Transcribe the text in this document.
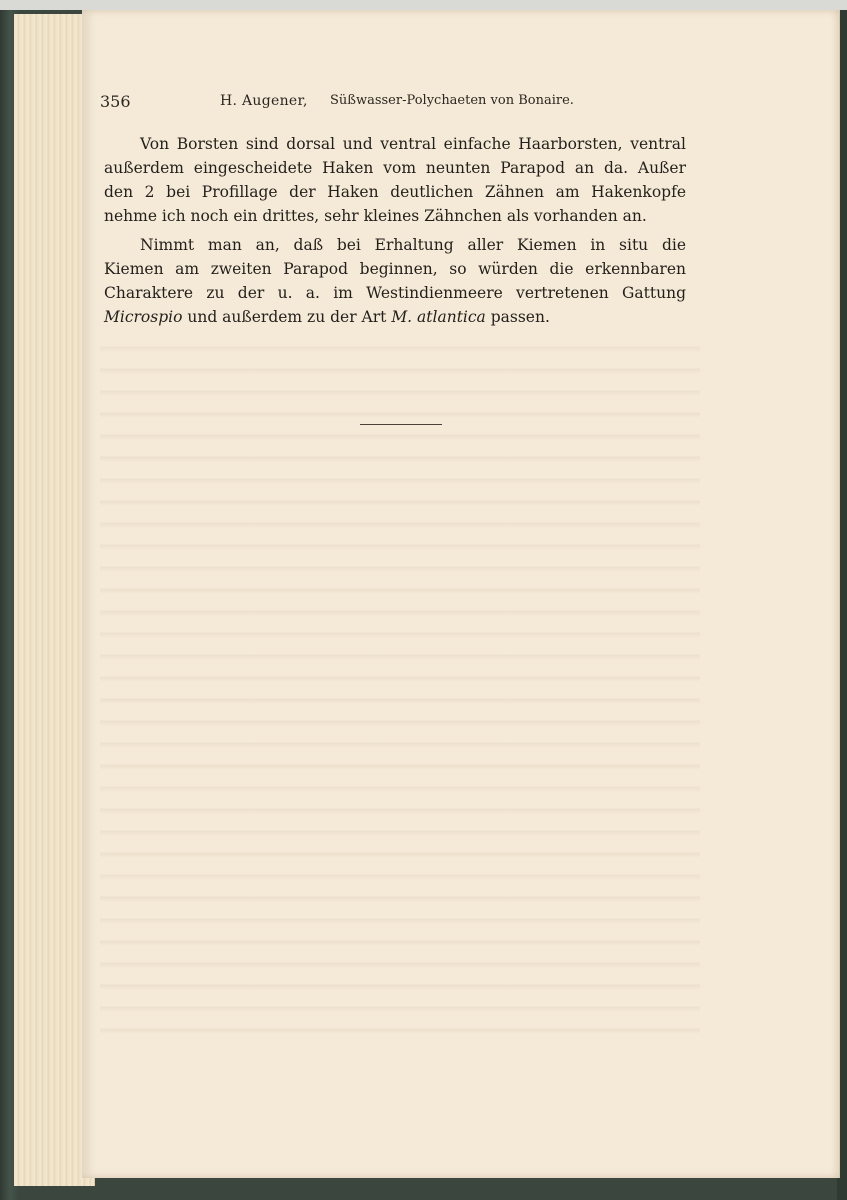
356	H. Augener, Süßwasser-Polychaeten von Bonaire.
Von Borsten sind dorsal und ventral einfache Haarborsten, ventral
außerdem eingescheidete Haken vom neunten Parapod an da. Außer
den 2 bei Profillage der Haken deutlichen Zähnen am Hakenkopfe
nehme ich noch ein drittes, sehr kleines Zähnchen als vorhanden an.
Nimmt man an, daß bei Erhaltung aller Kiemen in situ die
Kiemen am zweiten Parapod beginnen, so würden die erkennbaren
Charaktere zu der u. a. im Westindienmeere vertretenen Gattung
Microspio und außerdem zu der Art M. atlantica passen.
